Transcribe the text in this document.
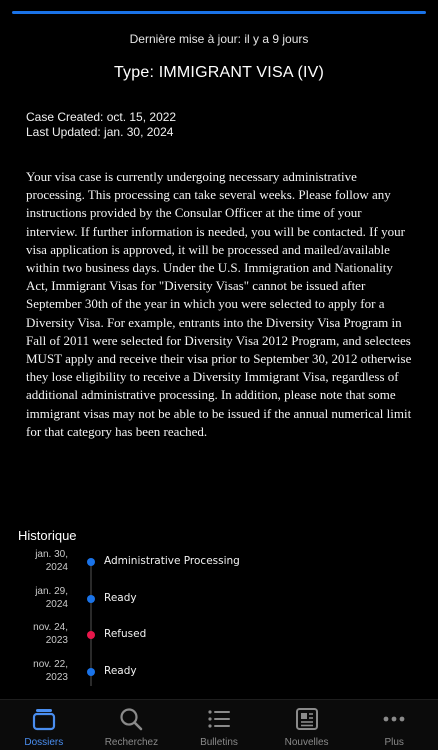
Dernière mise à jour: il y a 9 jours
Type: IMMIGRANT VISA (IV)
Case Created: oct. 15, 2022
Last Updated: jan. 30, 2024
Your visa case is currently undergoing necessary administrative processing. This processing can take several weeks. Please follow any instructions provided by the Consular Officer at the time of your interview. If further information is needed, you will be contacted. If your visa application is approved, it will be processed and mailed/available within two business days. Under the U.S. Immigration and Nationality Act, Immigrant Visas for "Diversity Visas" cannot be issued after September 30th of the year in which you were selected to apply for a Diversity Visa. For example, entrants into the Diversity Visa Program in Fall of 2011 were selected for Diversity Visa 2012 Program, and selectees MUST apply and receive their visa prior to September 30, 2012 otherwise they lose eligibility to receive a Diversity Immigrant Visa, regardless of additional administrative processing. In addition, please note that some immigrant visas may not be able to be issued if the annual numerical limit for that category has been reached.
Historique
jan. 30,
2024
Administrative Processing
jan. 29,
2024
Ready
nov. 24,
2023
Refused
nov. 22,
2023
Ready
Dossiers	Recherchez	Bulletins	Nouvelles	Plus
